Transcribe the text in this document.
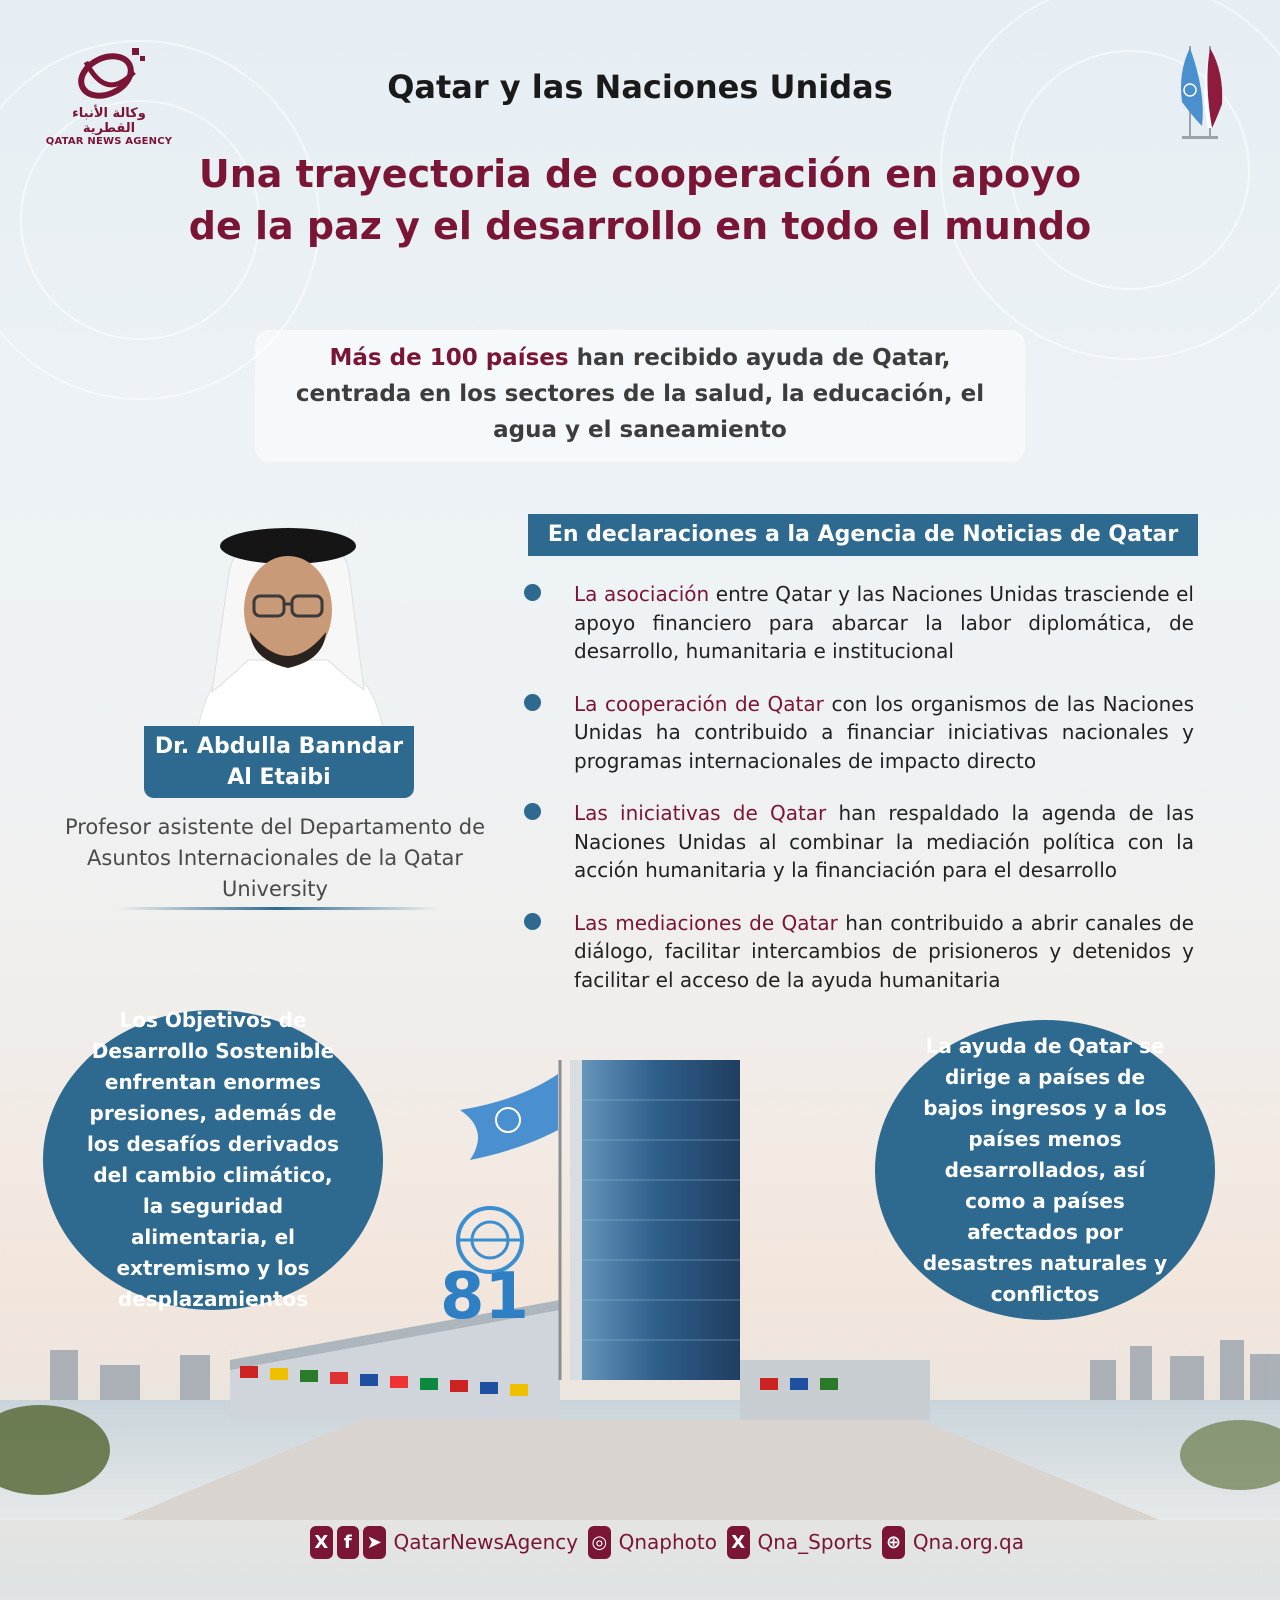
وكالة الأنباء القطرية
QATAR NEWS AGENCY
Qatar y las Naciones Unidas
Una trayectoria de cooperación en apoyo
de la paz y el desarrollo en todo el mundo
Más de 100 países han recibido ayuda de Qatar, centrada en los sectores de la salud, la educación, el agua y el saneamiento
Dr. Abdulla Banndar
Al Etaibi
Profesor asistente del Departamento de Asuntos Internacionales de la Qatar University
En declaraciones a la Agencia de Noticias de Qatar
La asociación entre Qatar y las Naciones Unidas trasciende el apoyo financiero para abarcar la labor diplomática, de desarrollo, humanitaria e institucional
La cooperación de Qatar con los organismos de las Naciones Unidas ha contribuido a financiar iniciativas nacionales y programas internacionales de impacto directo
Las iniciativas de Qatar han respaldado la agenda de las Naciones Unidas al combinar la mediación política con la acción humanitaria y la financiación para el desarrollo
Las mediaciones de Qatar han contribuido a abrir canales de diálogo, facilitar intercambios de prisioneros y detenidos y facilitar el acceso de la ayuda humanitaria
81
Los Objetivos de Desarrollo Sostenible enfrentan enormes presiones, además de los desafíos derivados del cambio climático, la seguridad alimentaria, el extremismo y los desplazamientos
La ayuda de Qatar se dirige a países de bajos ingresos y a los países menos desarrollados, así como a países afectados por desastres naturales y conflictos
X f ➤ QatarNewsAgency ◎ Qnaphoto X Qna_Sports ⊕ Qna.org.qa
